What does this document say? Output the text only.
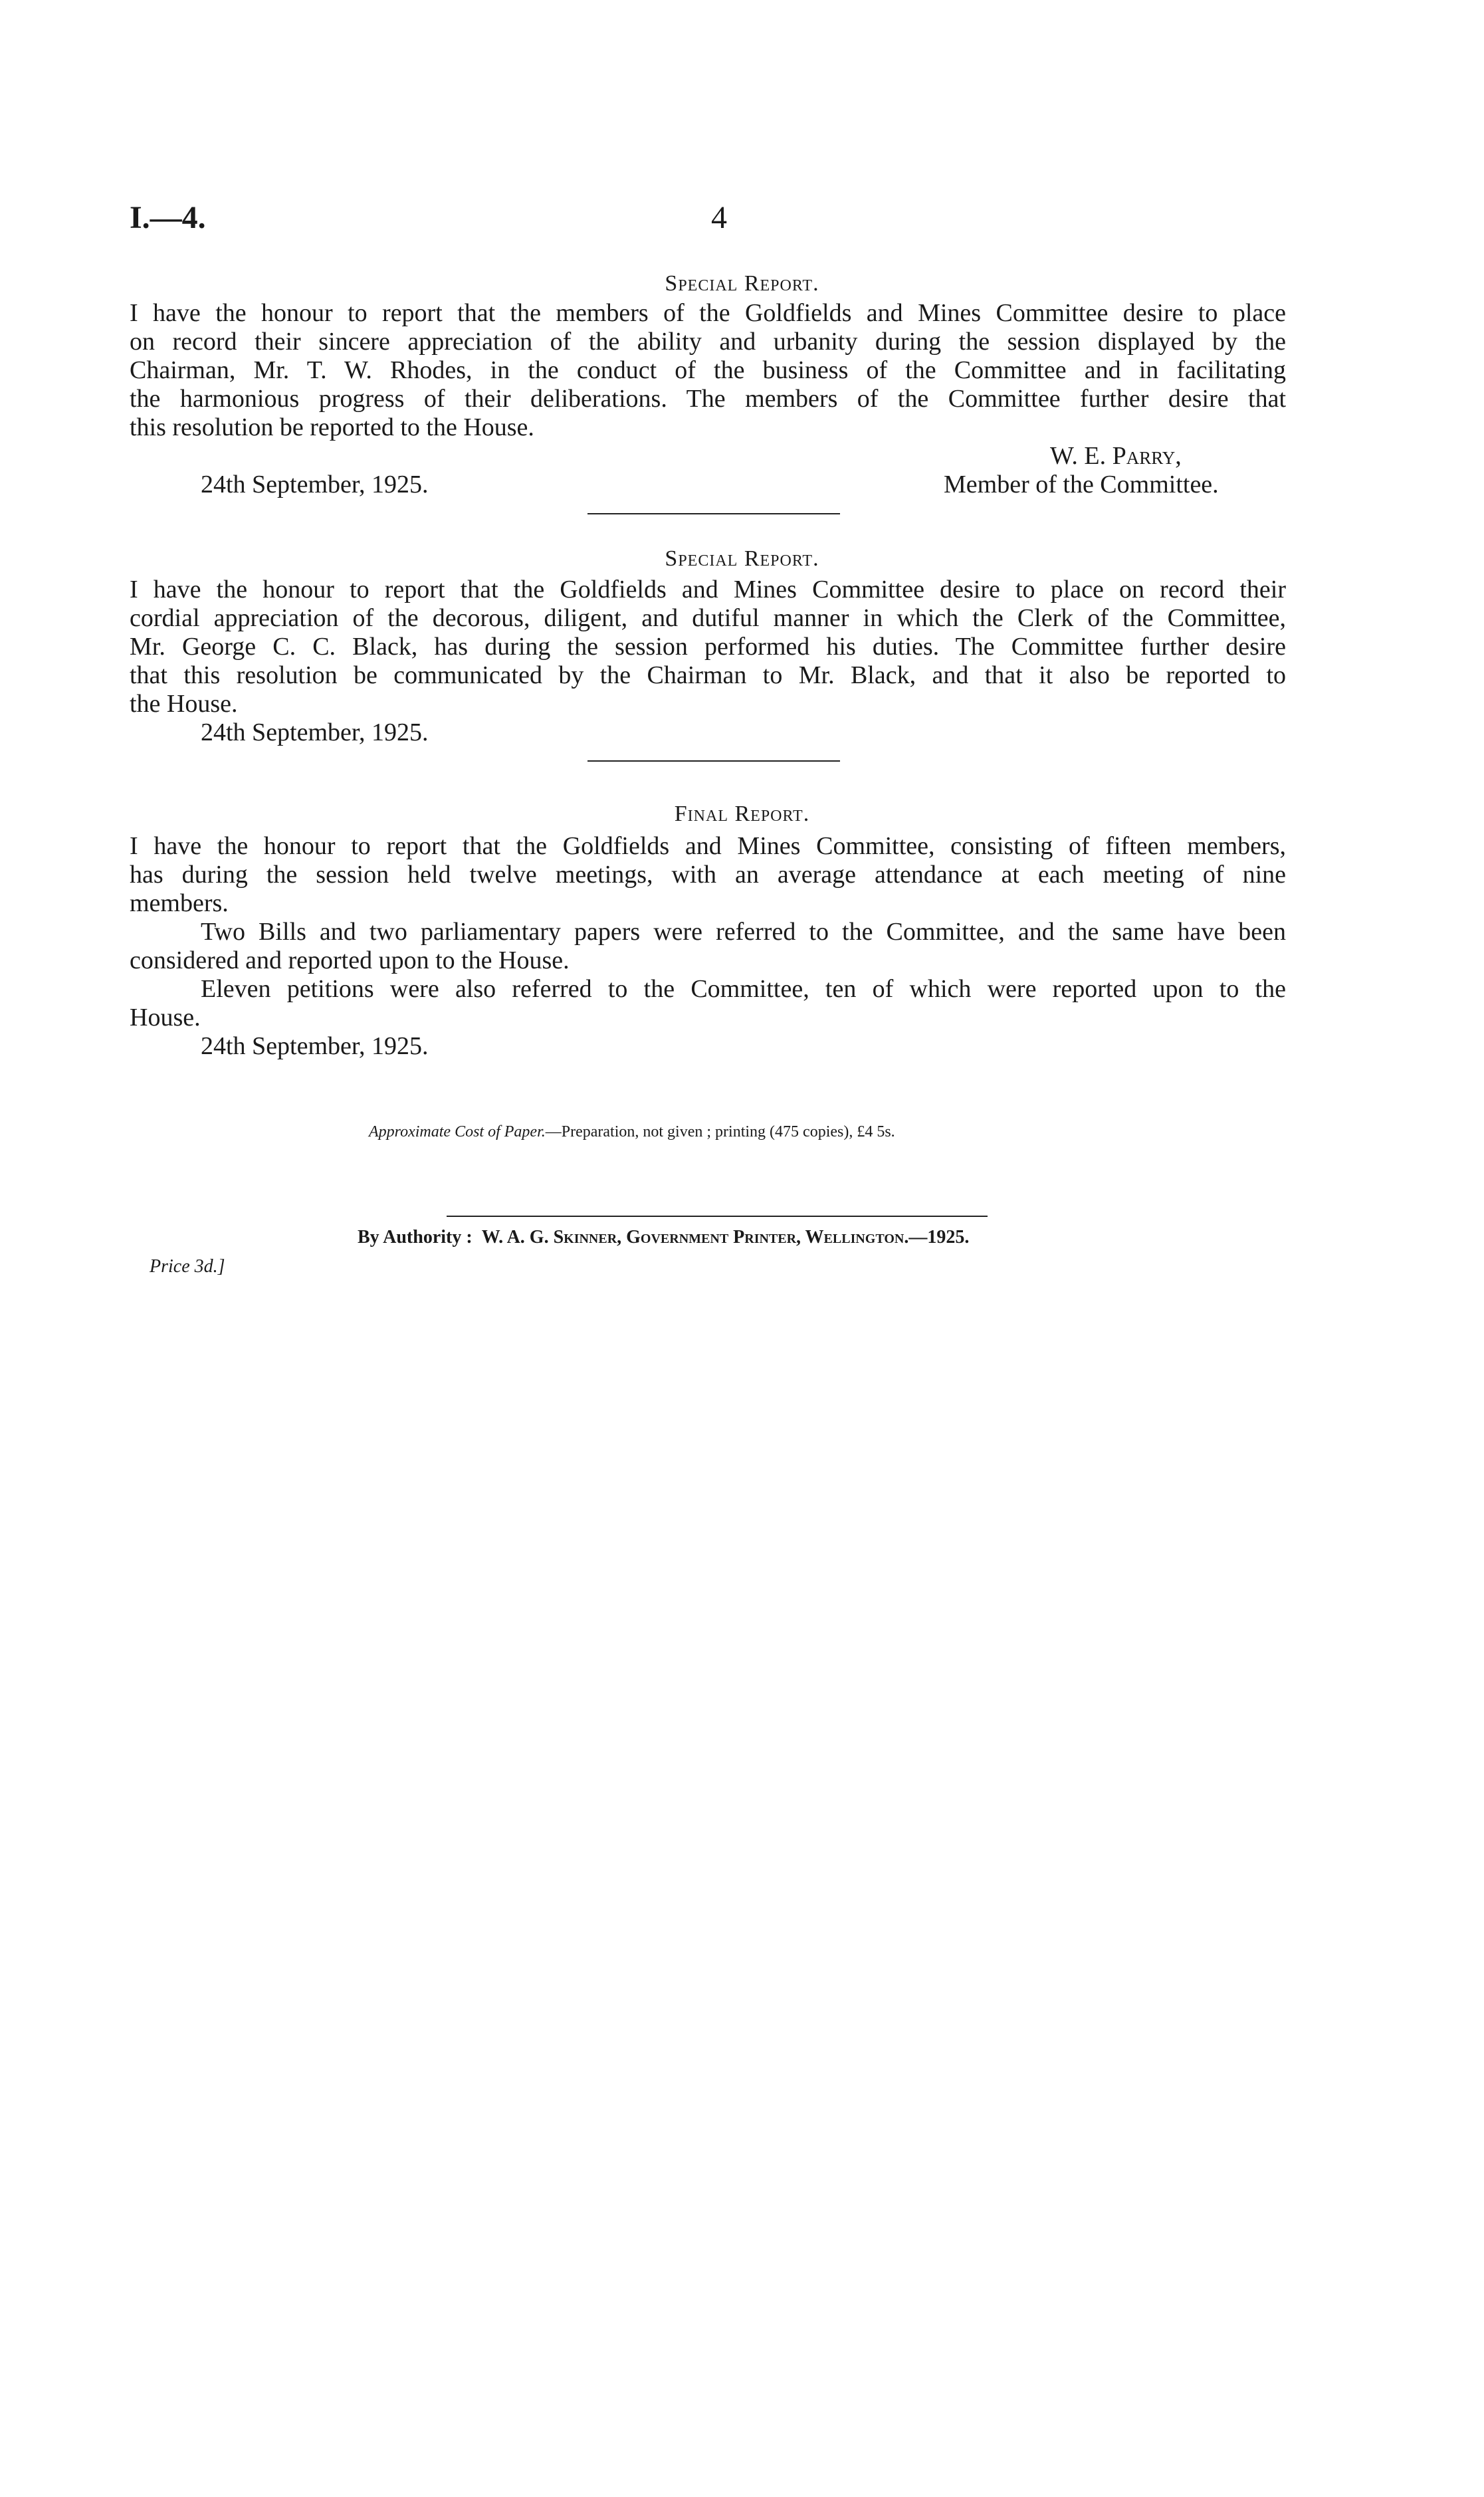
I.—4.	4
Special Report.
I have the honour to report that the members of the Goldfields and Mines Committee desire to place
on record their sincere appreciation of the ability and urbanity during the session displayed by the
Chairman, Mr. T. W. Rhodes, in the conduct of the business of the Committee and in facilitating
the harmonious progress of their deliberations. The members of the Committee further desire that
this resolution be reported to the House.
W. E. Parry,
24th September, 1925.	Member of the Committee.
Special Report.
I have the honour to report that the Goldfields and Mines Committee desire to place on record their
cordial appreciation of the decorous, diligent, and dutiful manner in which the Clerk of the Committee,
Mr. George C. C. Black, has during the session performed his duties. The Committee further desire
that this resolution be communicated by the Chairman to Mr. Black, and that it also be reported to
the House.
24th September, 1925.
Final Report.
I have the honour to report that the Goldfields and Mines Committee, consisting of fifteen members,
has during the session held twelve meetings, with an average attendance at each meeting of nine
members.
Two Bills and two parliamentary papers were referred to the Committee, and the same have been
considered and reported upon to the House.
Eleven petitions were also referred to the Committee, ten of which were reported upon to the
House.
24th September, 1925.
Approximate Cost of Paper.—Preparation, not given ; printing (475 copies), £4 5s.
By Authority : W. A. G. Skinner, Government Printer, Wellington.—1925.
Price 3d.]
